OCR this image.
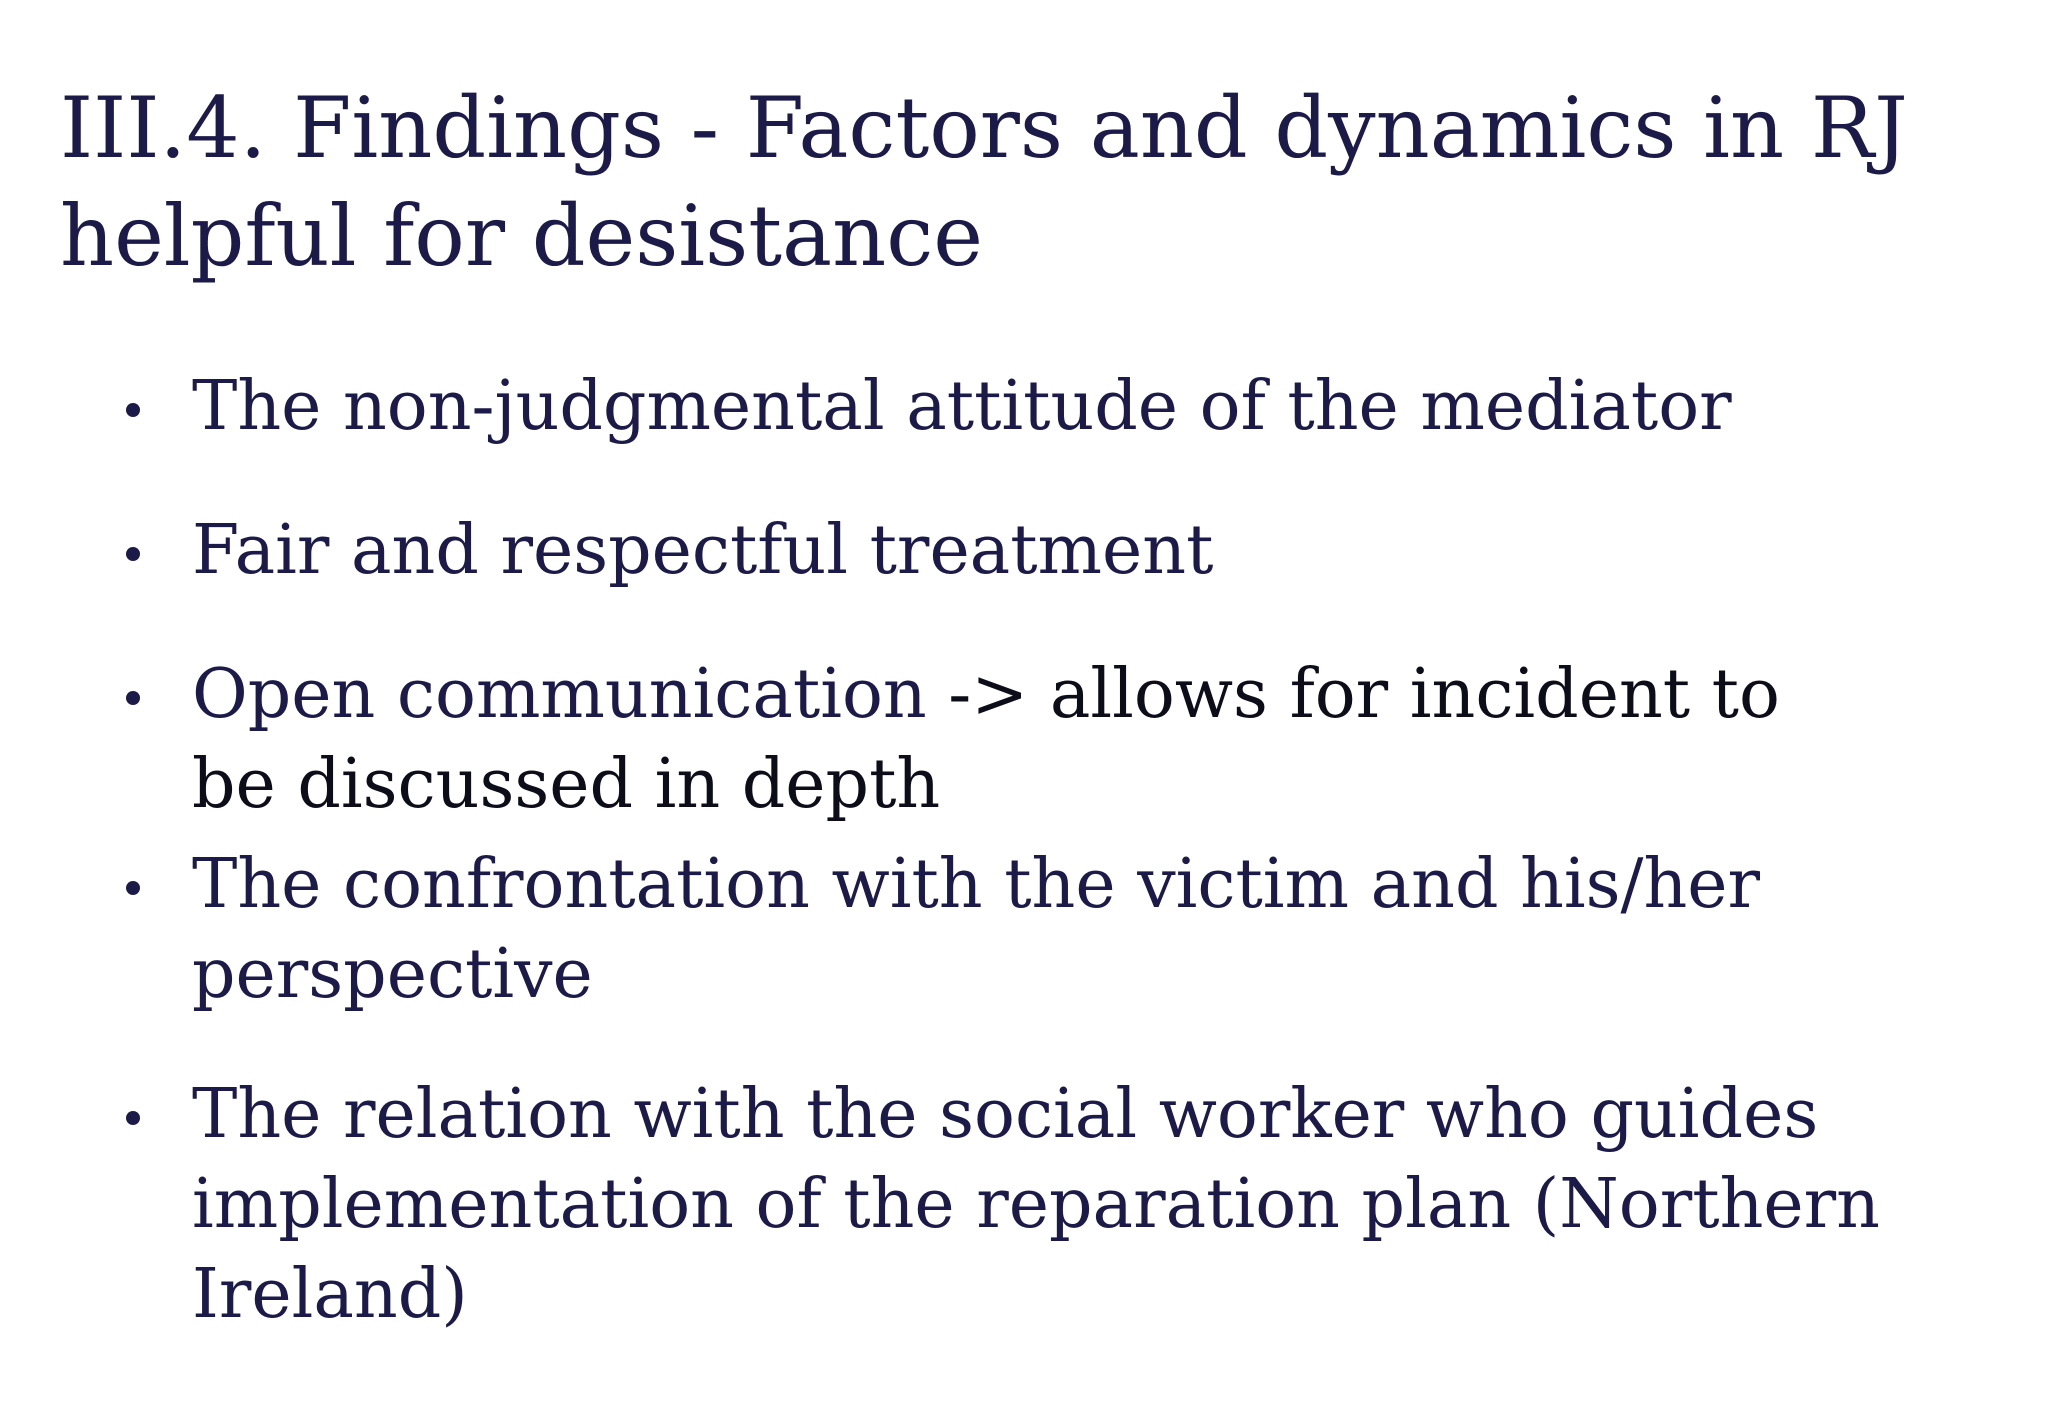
III.4. Findings - Factors and dynamics in RJ helpful for desistance
The non-judgmental attitude of the mediator
Fair and respectful treatment
Open communication -> allows for incident to be discussed in depth
The confrontation with the victim and his/her perspective
The relation with the social worker who guides implementation of the reparation plan (Northern Ireland)
